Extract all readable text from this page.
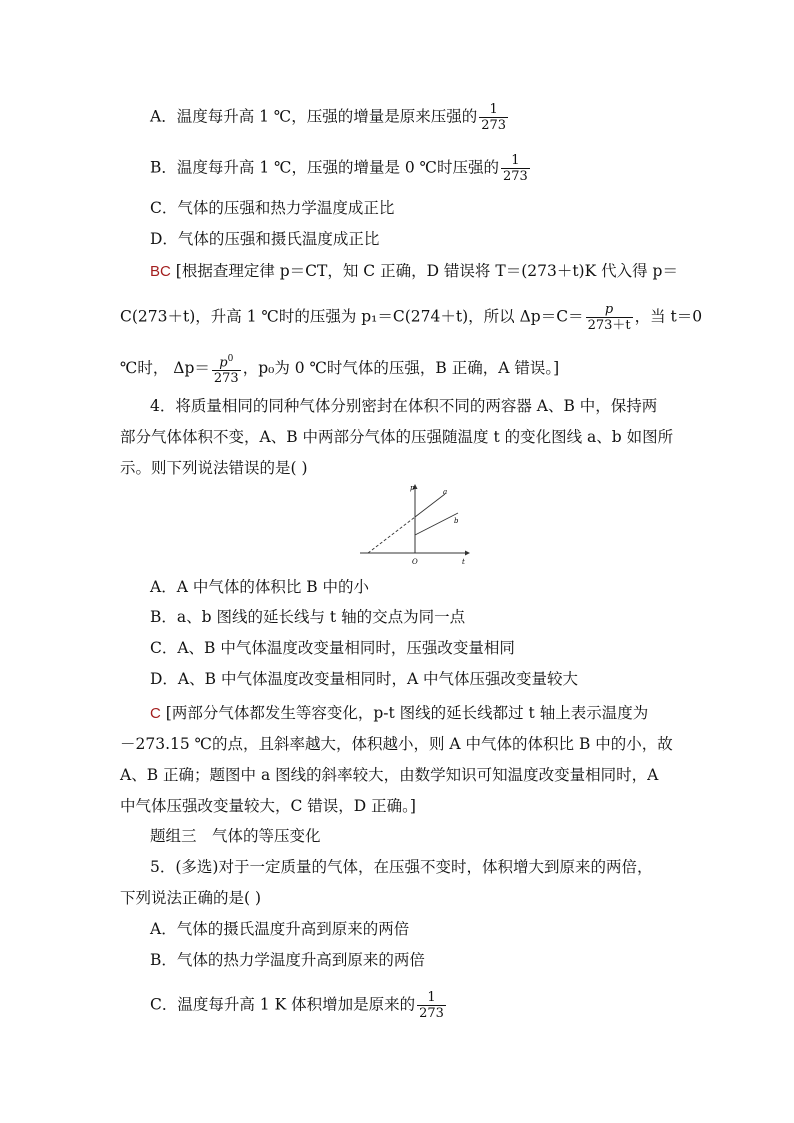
A．温度每升高 1 ℃，压强的增量是原来压强的 $\frac{1}{273}$
B．温度每升高 1 ℃，压强的增量是 0 ℃时压强的 $\frac{1}{273}$
C．气体的压强和热力学温度成正比
D．气体的压强和摄氏温度成正比
BC [根据查理定律 p＝CT，知 C 正确，D 错误将 T＝(273＋t)K 代入得 p＝
C(273＋t)，升高 1 ℃时的压强为 p₁＝C(274＋t)，所以 $\Delta p=C= \frac{p}{273+t}$ ，当 t＝0
℃时， $\Delta p= \frac{p^0}{273}$ ，p₀为 0 ℃时气体的压强，B 正确，A 错误。]
4．将质量相同的同种气体分别密封在体积不同的两容器 A、B 中，保持两
部分气体体积不变，A、B 中两部分气体的压强随温度 t 的变化图线 a、b 如图所
示。则下列说法错误的是( )
p
t
O
a
b
A．A 中气体的体积比 B 中的小
B．a、b 图线的延长线与 t 轴的交点为同一点
C．A、B 中气体温度改变量相同时，压强改变量相同
D．A、B 中气体温度改变量相同时，A 中气体压强改变量较大
C [两部分气体都发生等容变化，p-t 图线的延长线都过 t 轴上表示温度为
－273.15 ℃的点，且斜率越大，体积越小，则 A 中气体的体积比 B 中的小，故
A、B 正确；题图中 a 图线的斜率较大，由数学知识可知温度改变量相同时，A
中气体压强改变量较大，C 错误，D 正确。]
题组三　气体的等压变化
5．(多选)对于一定质量的气体，在压强不变时，体积增大到原来的两倍，
下列说法正确的是( )
A．气体的摄氏温度升高到原来的两倍
B．气体的热力学温度升高到原来的两倍
C．温度每升高 1 K 体积增加是原来的 $\frac{1}{273}$
